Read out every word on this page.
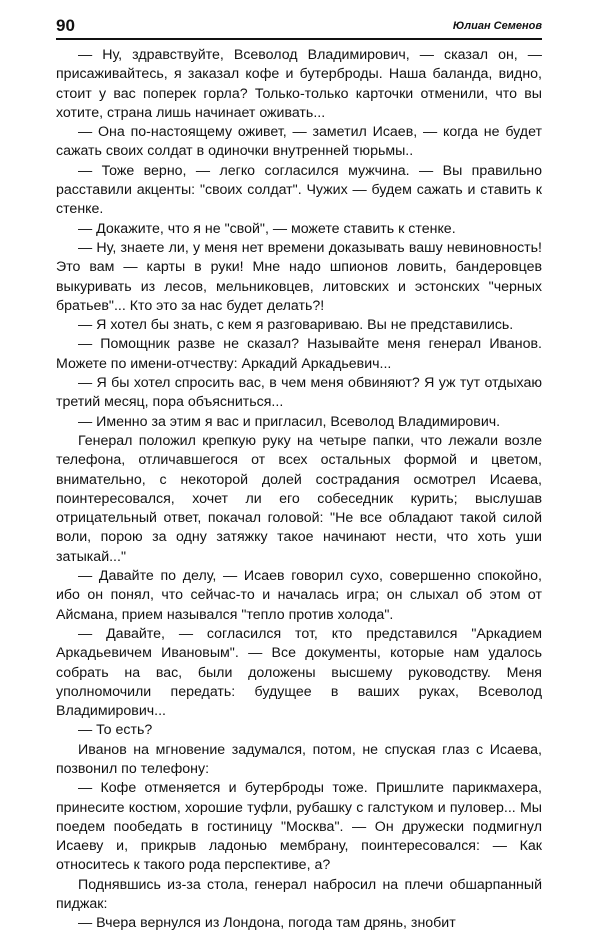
90	Юлиан Семенов

— Ну, здравствуйте, Всеволод Владимирович, — сказал он, — присаживайтесь, я заказал кофе и бутерброды. Наша баланда, видно, стоит у вас поперек горла? Только-только карточки отменили, что вы хотите, страна лишь начинает оживать...

— Она по-настоящему оживет, — заметил Исаев, — когда не будет сажать своих солдат в одиночки внутренней тюрьмы..

— Тоже верно, — легко согласился мужчина. — Вы правильно расставили акценты: "своих солдат". Чужих — будем сажать и ставить к стенке.

— Докажите, что я не "свой", — можете ставить к стенке.

— Ну, знаете ли, у меня нет времени доказывать вашу невиновность! Это вам — карты в руки! Мне надо шпионов ловить, бандеровцев выкуривать из лесов, мельниковцев, литовских и эстонских "черных братьев"... Кто это за нас будет делать?!

— Я хотел бы знать, с кем я разговариваю. Вы не представились.

— Помощник разве не сказал? Называйте меня генерал Иванов. Можете по имени-отчеству: Аркадий Аркадьевич...

— Я бы хотел спросить вас, в чем меня обвиняют? Я уж тут отдыхаю третий месяц, пора объясниться...

— Именно за этим я вас и пригласил, Всеволод Владимирович.

Генерал положил крепкую руку на четыре папки, что лежали возле телефона, отличавшегося от всех остальных формой и цветом, внимательно, с некоторой долей сострадания осмотрел Исаева, поинтересовался, хочет ли его собеседник курить; выслушав отрицательный ответ, покачал головой: "Не все обладают такой силой воли, порою за одну затяжку такое начинают нести, что хоть уши затыкай..."

— Давайте по делу, — Исаев говорил сухо, совершенно спокойно, ибо он понял, что сейчас-то и началась игра; он слыхал об этом от Айсмана, прием назывался "тепло против холода".

— Давайте, — согласился тот, кто представился "Аркадием Аркадьевичем Ивановым". — Все документы, которые нам удалось собрать на вас, были доложены высшему руководству. Меня уполномочили передать: будущее в ваших руках, Всеволод Владимирович...

— То есть?

Иванов на мгновение задумался, потом, не спуская глаз с Исаева, позвонил по телефону:

— Кофе отменяется и бутерброды тоже. Пришлите парикмахера, принесите костюм, хорошие туфли, рубашку с галстуком и пуловер... Мы поедем пообедать в гостиницу "Москва". — Он дружески подмигнул Исаеву и, прикрыв ладонью мембрану, поинтересовался: — Как относитесь к такого рода перспективе, а?

Поднявшись из-за стола, генерал набросил на плечи обшарпанный пиджак:

— Вчера вернулся из Лондона, погода там дрянь, знобит
